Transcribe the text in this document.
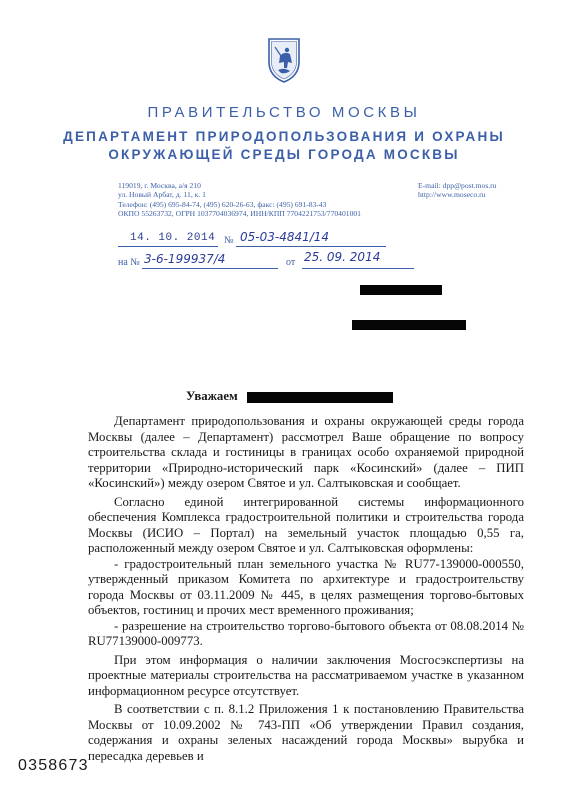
ПРАВИТЕЛЬСТВО МОСКВЫ
ДЕПАРТАМЕНТ ПРИРОДОПОЛЬЗОВАНИЯ И ОХРАНЫ
ОКРУЖАЮЩЕЙ СРЕДЫ ГОРОДА МОСКВЫ
119019, г. Москва, а/я 210
ул. Новый Арбат, д. 11, к. 1
Телефон: (495) 695-84-74, (495) 620-26-63, факс: (495) 691-83-43
ОКПО 55263732, ОГРН 1037704036974, ИНН/КПП 7704221753/770401001
E-mail: dpp@post.mos.ru
http://www.moseco.ru
14. 10. 2014 № 05-03-4841/14
на № 3-6-199937/4	от 25. 09. 2014
Уважаем

Департамент природопользования и охраны окружающей среды города Москвы (далее – Департамент) рассмотрел Ваше обращение по вопросу строительства склада и гостиницы в границах особо охраняемой природной территории «Природно-исторический парк «Косинский» (далее – ПИП «Косинский») между озером Святое и ул. Салтыковская и сообщает.

Согласно единой интегрированной системы информационного обеспечения Комплекса градостроительной политики и строительства города Москвы (ИСИО – Портал) на земельный участок площадью 0,55 га, расположенный между озером Святое и ул. Салтыковская оформлены:

- градостроительный план земельного участка № RU77-139000-000550, утвержденный приказом Комитета по архитектуре и градостроительству города Москвы от 03.11.2009 № 445, в целях размещения торгово-бытовых объектов, гостиниц и прочих мест временного проживания;

- разрешение на строительство торгово-бытового объекта от 08.08.2014 № RU77139000-009773.

При этом информация о наличии заключения Мосгосэкспертизы на проектные материалы строительства на рассматриваемом участке в указанном информационном ресурсе отсутствует.

В соответствии с п. 8.1.2 Приложения 1 к постановлению Правительства Москвы от 10.09.2002 № 743-ПП «Об утверждении Правил создания, содержания и охраны зеленых насаждений города Москвы» вырубка и пересадка деревьев и

0358673
